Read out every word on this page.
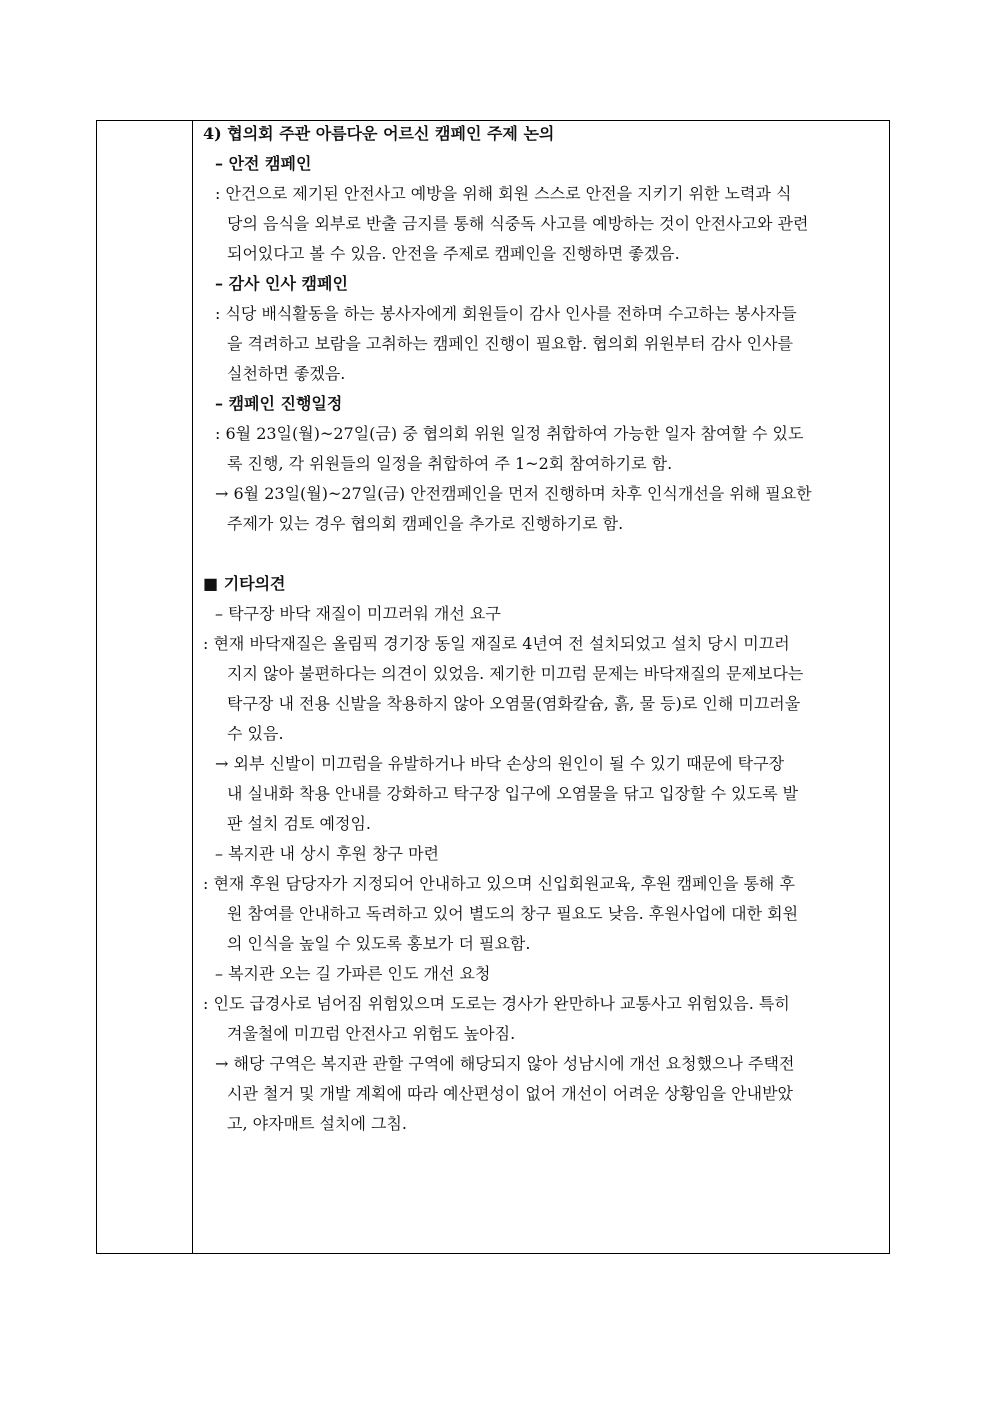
4) 협의회 주관 아름다운 어르신 캠페인 주제 논의
– 안전 캠페인
: 안건으로 제기된 안전사고 예방을 위해 회원 스스로 안전을 지키기 위한 노력과 식
당의 음식을 외부로 반출 금지를 통해 식중독 사고를 예방하는 것이 안전사고와 관련
되어있다고 볼 수 있음. 안전을 주제로 캠페인을 진행하면 좋겠음.
– 감사 인사 캠페인
: 식당 배식활동을 하는 봉사자에게 회원들이 감사 인사를 전하며 수고하는 봉사자들
을 격려하고 보람을 고취하는 캠페인 진행이 필요함. 협의회 위원부터 감사 인사를
실천하면 좋겠음.
– 캠페인 진행일정
: 6월 23일(월)~27일(금) 중 협의회 위원 일정 취합하여 가능한 일자 참여할 수 있도
록 진행, 각 위원들의 일정을 취합하여 주 1~2회 참여하기로 함.
→ 6월 23일(월)~27일(금) 안전캠페인을 먼저 진행하며 차후 인식개선을 위해 필요한
주제가 있는 경우 협의회 캠페인을 추가로 진행하기로 함.
■ 기타의견
– 탁구장 바닥 재질이 미끄러워 개선 요구
: 현재 바닥재질은 올림픽 경기장 동일 재질로 4년여 전 설치되었고 설치 당시 미끄러
지지 않아 불편하다는 의견이 있었음. 제기한 미끄럼 문제는 바닥재질의 문제보다는
탁구장 내 전용 신발을 착용하지 않아 오염물(염화칼슘, 흙, 물 등)로 인해 미끄러울
수 있음.
→ 외부 신발이 미끄럼을 유발하거나 바닥 손상의 원인이 될 수 있기 때문에 탁구장
내 실내화 착용 안내를 강화하고 탁구장 입구에 오염물을 닦고 입장할 수 있도록 발
판 설치 검토 예정임.
– 복지관 내 상시 후원 창구 마련
: 현재 후원 담당자가 지정되어 안내하고 있으며 신입회원교육, 후원 캠페인을 통해 후
원 참여를 안내하고 독려하고 있어 별도의 창구 필요도 낮음. 후원사업에 대한 회원
의 인식을 높일 수 있도록 홍보가 더 필요함.
– 복지관 오는 길 가파른 인도 개선 요청
: 인도 급경사로 넘어짐 위험있으며 도로는 경사가 완만하나 교통사고 위험있음. 특히
겨울철에 미끄럼 안전사고 위험도 높아짐.
→ 해당 구역은 복지관 관할 구역에 해당되지 않아 성남시에 개선 요청했으나 주택전
시관 철거 및 개발 계획에 따라 예산편성이 없어 개선이 어려운 상황임을 안내받았
고, 야자매트 설치에 그침.
